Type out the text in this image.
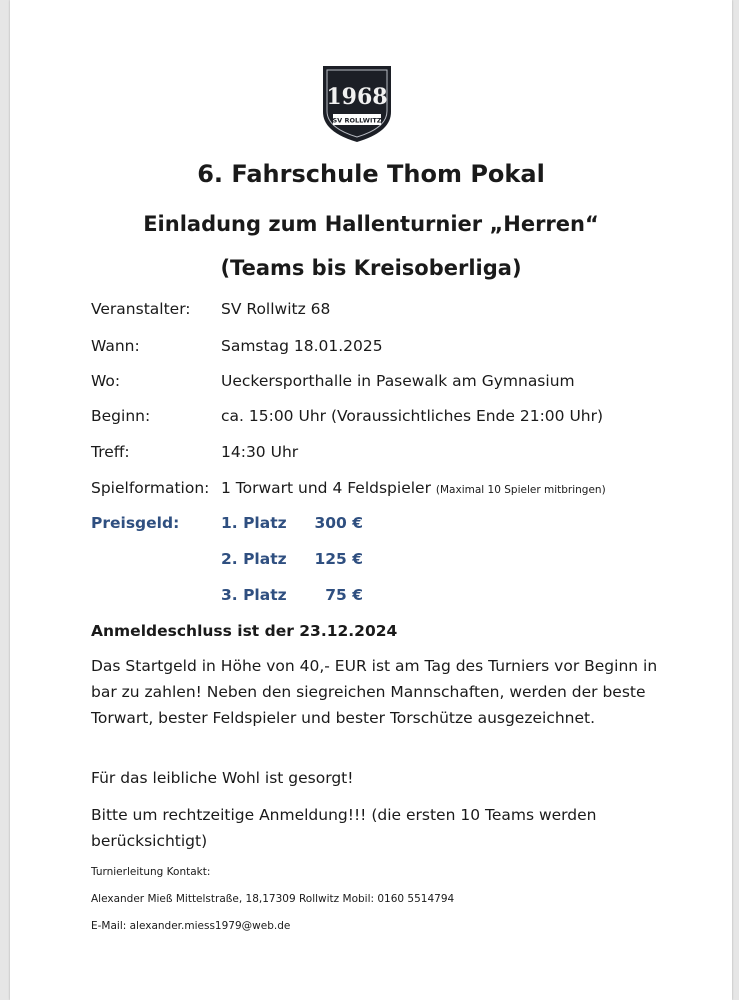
1968
SV ROLLWITZ
6. Fahrschule Thom Pokal
Einladung zum Hallenturnier „Herren“
(Teams bis Kreisoberliga)
Veranstalter: SV Rollwitz 68
Wann:	Samstag 18.01.2025
Wo:	Ueckersporthalle in Pasewalk am Gymnasium
Beginn:	ca. 15:00 Uhr (Voraussichtliches Ende 21:00 Uhr)
Treff:	14:30 Uhr
Spielformation: 1 Torwart und 4 Feldspieler (Maximal 10 Spieler mitbringen)
Preisgeld:	1. Platz	300 €
2. Platz	125 €
3. Platz	75 €
Anmeldeschluss ist der 23.12.2024
Das Startgeld in Höhe von 40,- EUR ist am Tag des Turniers vor Beginn in bar zu zahlen! Neben den siegreichen Mannschaften, werden der beste Torwart, bester Feldspieler und bester Torschütze ausgezeichnet.
Für das leibliche Wohl ist gesorgt!
Bitte um rechtzeitige Anmeldung!!! (die ersten 10 Teams werden berücksichtigt)
Turnierleitung Kontakt:
Alexander Mieß Mittelstraße, 18,17309 Rollwitz Mobil: 0160 5514794
E-Mail: alexander.miess1979@web.de
